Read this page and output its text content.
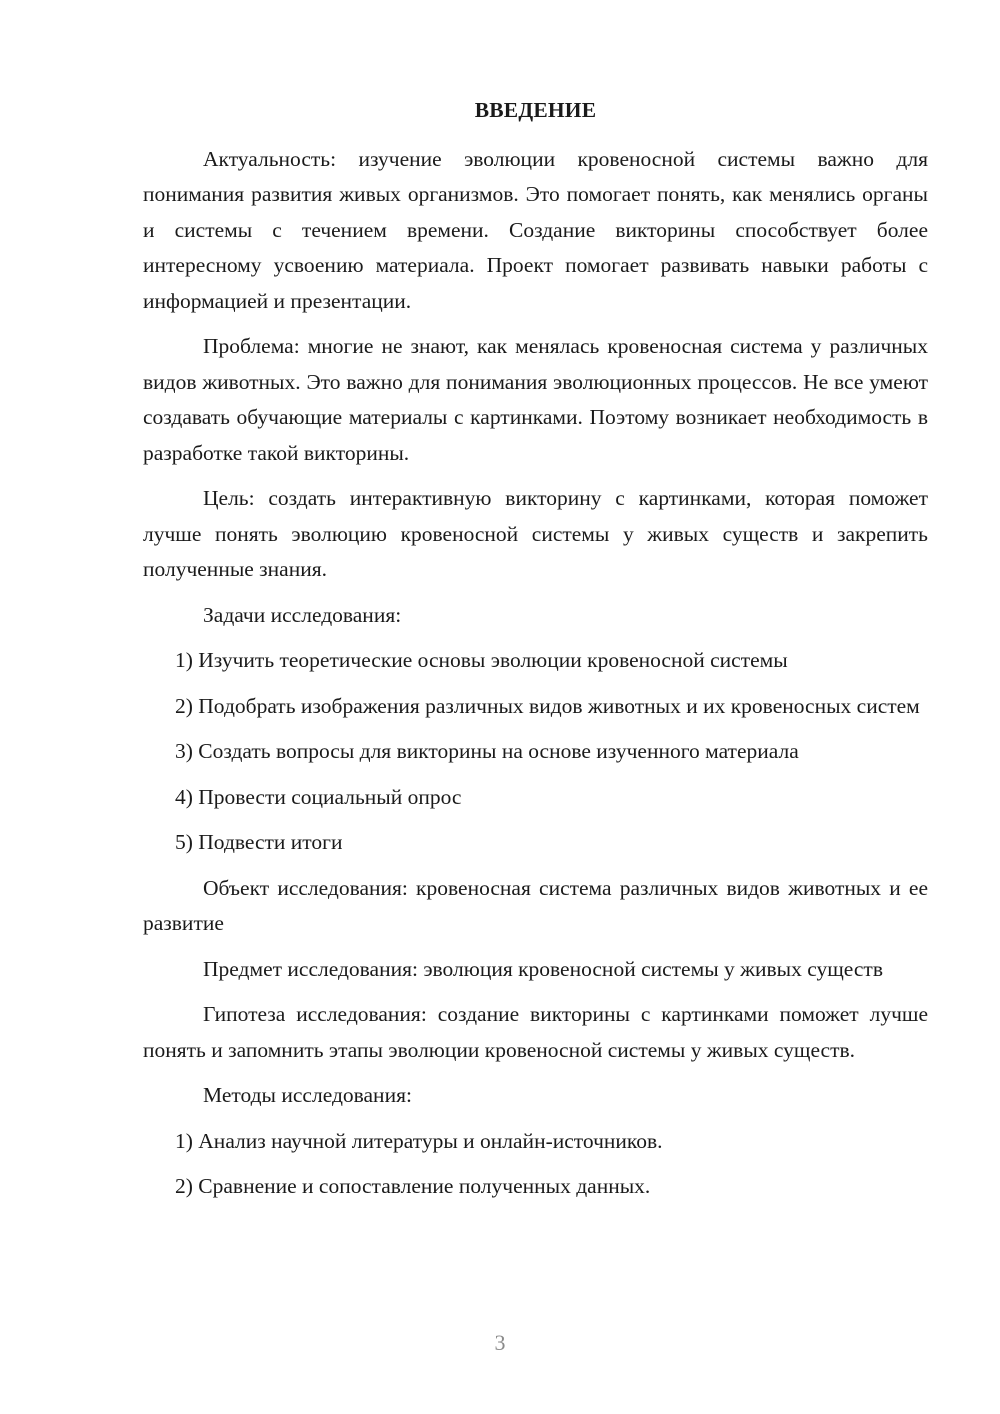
ВВЕДЕНИЕ

Актуальность: изучение эволюции кровеносной системы важно для понимания развития живых организмов. Это помогает понять, как менялись органы и системы с течением времени. Создание викторины способствует более интересному усвоению материала. Проект помогает развивать навыки работы с информацией и презентации.

Проблема: многие не знают, как менялась кровеносная система у различных видов животных. Это важно для понимания эволюционных процессов. Не все умеют создавать обучающие материалы с картинками. Поэтому возникает необходимость в разработке такой викторины.

Цель: создать интерактивную викторину с картинками, которая поможет лучше понять эволюцию кровеносной системы у живых существ и закрепить полученные знания.

Задачи исследования:

1) Изучить теоретические основы эволюции кровеносной системы

2) Подобрать изображения различных видов животных и их кровеносных систем

3) Создать вопросы для викторины на основе изученного материала

4) Провести социальный опрос

5) Подвести итоги

Объект исследования: кровеносная система различных видов животных и ее развитие

Предмет исследования: эволюция кровеносной системы у живых существ

Гипотеза исследования: создание викторины с картинками поможет лучше понять и запомнить этапы эволюции кровеносной системы у живых существ.

Методы исследования:

1) Анализ научной литературы и онлайн-источников.

2) Сравнение и сопоставление полученных данных.

3
